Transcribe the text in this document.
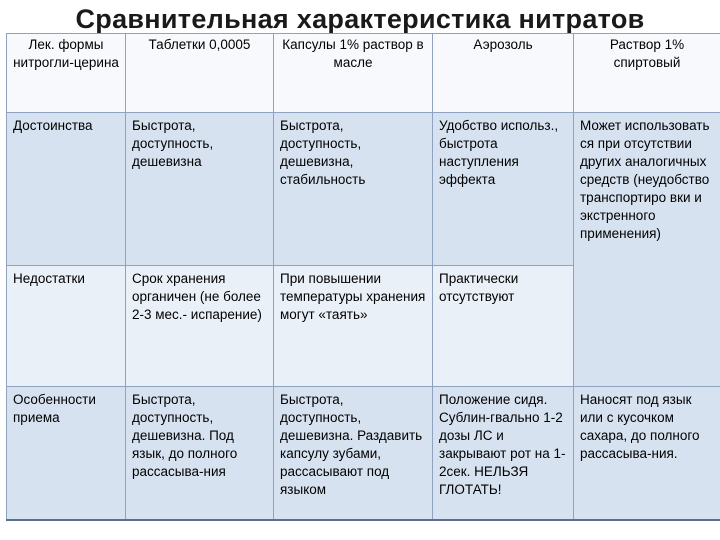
Сравнительная характеристика нитратов
Лек. формы нитрогли-церина	Таблетки 0,0005	Капсулы 1% раствор в масле	Аэрозоль	Раствор 1% спиртовый
Достоинства	Быстрота, доступность, дешевизна	Быстрота, доступность, дешевизна, стабильность	Удобство использ., быстрота наступления эффекта	Может использовать ся при отсутствии других аналогичных средств (неудобство транспортиро вки и экстренного применения)
Недостатки	Срок хранения органичен (не более 2-3 мес.- испарение)	При повышении температуры хранения могут «таять»	Практически отсутствуют	
Особенности приема	Быстрота, доступность, дешевизна. Под язык, до полного рассасыва-ния	Быстрота, доступность, дешевизна. Раздавить капсулу зубами, рассасывают под языком	Положение сидя. Сублин-гвально 1-2 дозы ЛС и закрывают рот на 1-2сек. НЕЛЬЗЯ ГЛОТАТЬ!	Наносят под язык или с кусочком сахара, до полного рассасыва-ния.
